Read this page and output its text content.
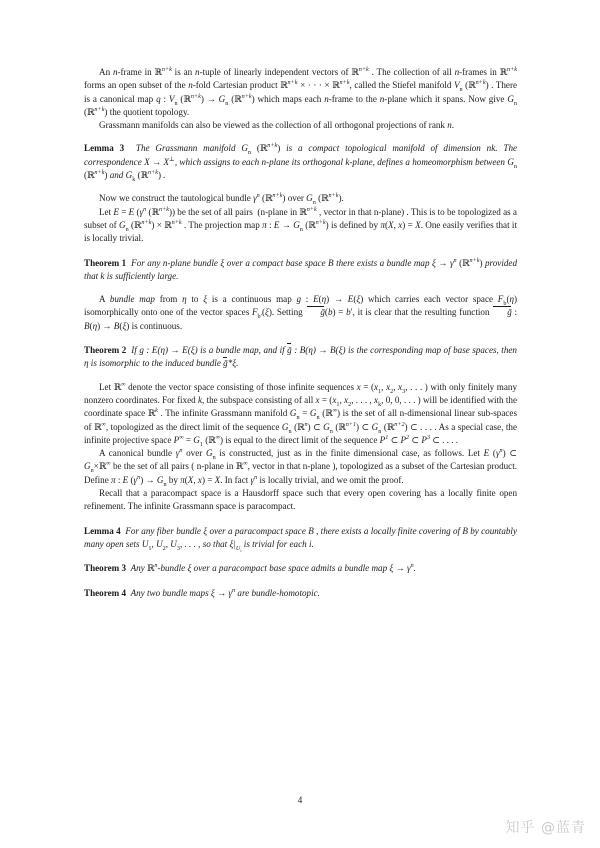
An n-frame in ℝ$^{n+k}$ is an n-tuple of linearly independent vectors of ℝ$^{n+k}$ . The collection of all n-frames in ℝ$^{n+k}$ forms an open subset of the n-fold Cartesian product ℝ$^{n+k}$ × · · · × ℝ$^{n+k}$, called the Stiefel manifold $V_n$ (ℝ$^{n+k}$) . There is a canonical map q : $V_n$ (ℝ$^{n+k}$) → $G_n$ (ℝ$^{n+k}$) which maps each n-frame to the n-plane which it spans. Now give $G_n$ (ℝ$^{n+k}$) the quotient topology.

Grassmann manifolds can also be viewed as the collection of all orthogonal projections of rank n.

Lemma 3  The Grassmann manifold $G_n$ (ℝ$^{n+k}$) is a compact topological manifold of dimension nk. The correspondence X → X⊥, which assigns to each n-plane its orthogonal k-plane, defines a homeomorphism between $G_n$ (ℝ$^{n+k}$) and $G_k$ (ℝ$^{n+k}$) .

Now we construct the tautological bundle $\gamma^n$ (ℝ$^{n+k}$) over $G_n$ (ℝ$^{n+k}$).

Let E = E ($\gamma^n$ (ℝ$^{n+k}$)) be the set of all pairs  (n-plane in ℝ$^{n+k}$ , vector in that n-plane) . This is to be topologized as a subset of $G_n$ (ℝ$^{n+k}$) × ℝ$^{n+k}$ . The projection map π : $E \to G_n$ (ℝ$^{n+k}$) is defined by π(X, x) = X. One easily verifies that it is locally trivial.

Theorem 1  For any n-plane bundle ξ over a compact base space B there exists a bundle map $\xi \to \gamma^n$ (ℝ$^{n+k}$) provided that k is sufficiently large.

A bundle map from η to ξ is a continuous map g : E(η) → E(ξ) which carries each vector space $F_b(\eta)$ isomorphically onto one of the vector spaces $F_{b'}(\xi)$. Setting ḡ(b) = b′, it is clear that the resulting function ḡ : B(η) → B(ξ) is continuous.

Theorem 2  If g : E(η) → E(ξ) is a bundle map, and if ḡ : B(η) → B(ξ) is the corresponding map of base spaces, then η is isomorphic to the induced bundle ḡ*ξ.

Let ℝ∞ denote the vector space consisting of those infinite sequences $x = (x_1$, $x_2$, $x_3$, . . . ) with only finitely many nonzero coordinates. For fixed k, the subspace consisting of all $x = (x_1$, $x_2$, . . . , $x_k$, 0, 0, . . . ) will be identified with the coordinate space ℝ$^k$ . The infinite Grassmann manifold $G_n = G_n$ (ℝ∞) is the set of all n-dimensional linear sub-spaces of ℝ∞, topologized as the direct limit of the sequence $G_n$ (ℝ$^n$) ⊂ $G_n$ (ℝ$^{n+1}$) ⊂ $G_n$ (ℝ$^{n+2}$) ⊂ . . . . As a special case, the infinite projective space $P^\infty = G_1$ (ℝ∞) is equal to the direct limit of the sequence $P^1$ ⊂ $P^2$ ⊂ $P^3$ ⊂ . . . .

A canonical bundle $\gamma^n$ over $G_n$ is constructed, just as in the finite dimensional case, as follows. Let E $(\gamma^n)$ ⊂ $G_n\times ℝ^\infty$ be the set of all pairs ( n-plane in ℝ∞, vector in that n-plane ), topologized as a subset of the Cartesian product. Define π : E $(\gamma^n) \to G_n$ by π(X, x) = X. In fact $\gamma^n$ is locally trivial, and we omit the proof.

Recall that a paracompact space is a Hausdorff space such that every open covering has a locally finite open refinement. The infinite Grassmann space is paracompact.

Lemma 4  For any fiber bundle ξ over a paracompact space B , there exists a locally finite covering of B by countably many open sets $U_1$, $U_2$, $U_3$, . . . , so that $\xi|_{U_i}$ is trivial for each i.

Theorem 3  Any ℝ$^n$-bundle ξ over a paracompact base space admits a bundle map $\xi \to \gamma^n$.

Theorem 4  Any two bundle maps $\xi \to \gamma^n$ are bundle-homotopic.

4
知乎 @蓝青
